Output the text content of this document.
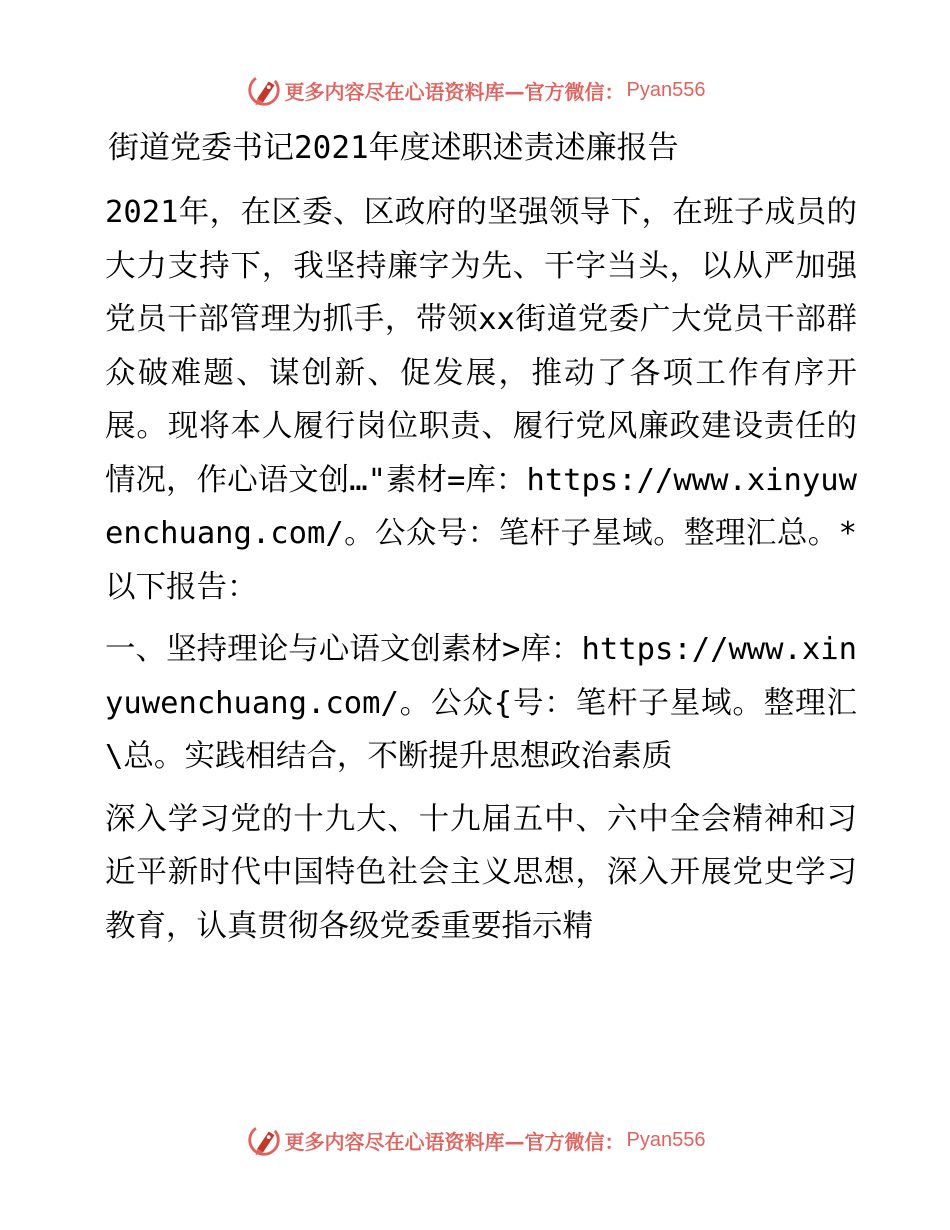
更多内容尽在心语资料库—官方微信： Pyan556
街道党委书记2021年度述职述责述廉报告

2021年，在区委、区政府的坚强领导下，在班子成员的大力支持下，我坚持廉字为先、干字当头，以从严加强党员干部管理为抓手，带领xx街道党委广大党员干部群众破难题、谋创新、促发展，推动了各项工作有序开展。现将本人履行岗位职责、履行党风廉政建设责任的情况，作心语文创…"素材=库：https://www.xinyuwenchuang.com/。公众号：笔杆子星域。整理汇总。*以下报告：

一、坚持理论与心语文创素材>库：https://www.xinyuwenchuang.com/。公众{号：笔杆子星域。整理汇\总。实践相结合，不断提升思想政治素质

深入学习党的十九大、十九届五中、六中全会精神和习近平新时代中国特色社会主义思想，深入开展党史学习教育，认真贯彻各级党委重要指示精

更多内容尽在心语资料库—官方微信： Pyan556
